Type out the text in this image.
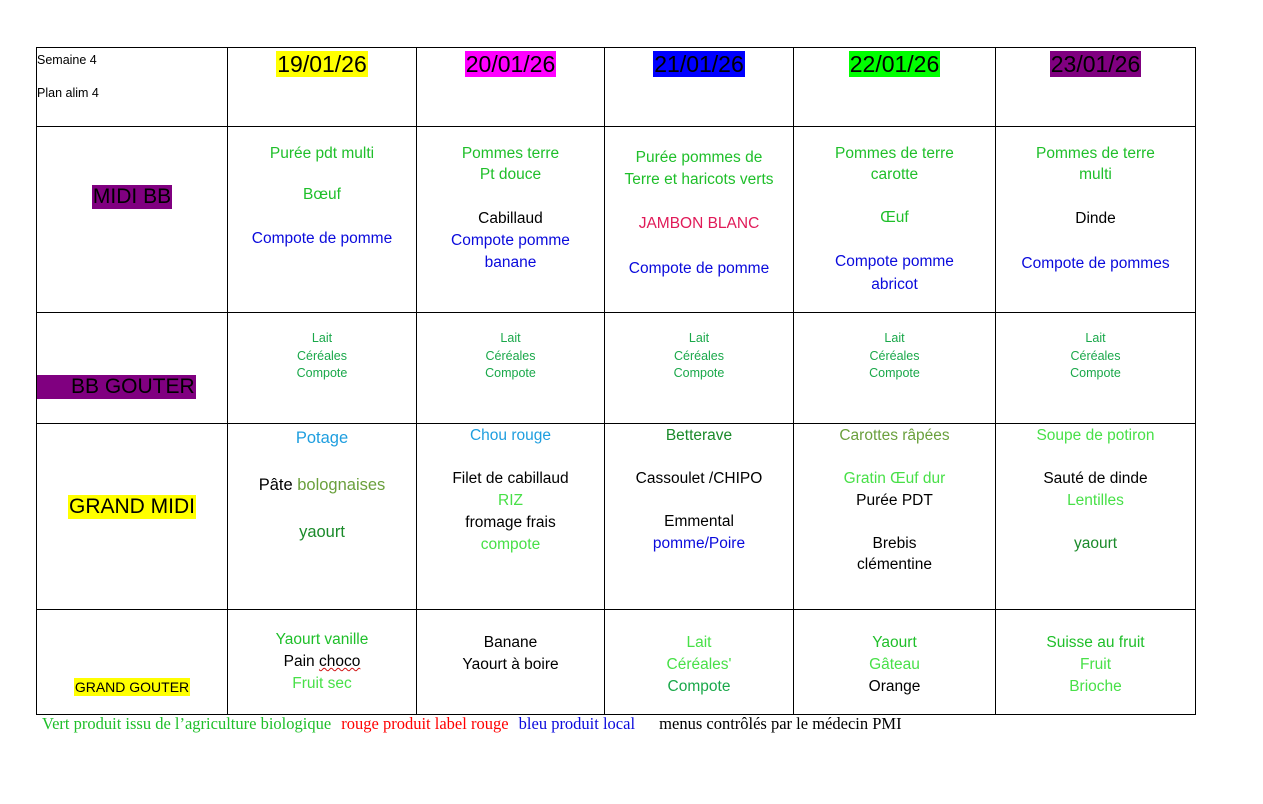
Semaine 4
Plan alim 4	19/01/26	20/01/26	21/01/26	22/01/26	23/01/26
MIDI BB	Purée pdt multi
Bœuf
Compote de pomme	Pommes terre
Pt douce
Cabillaud
Compote pomme
banane	Purée pommes de
Terre et haricots verts
JAMBON BLANC
Compote de pomme	Pommes de terre
carotte
Œuf
Compote pomme
abricot	Pommes de terre
multi
Dinde
Compote de pommes

BB GOUTER	Lait
Céréales
Compote	Lait
Céréales
Compote	Lait
Céréales
Compote	Lait
Céréales
Compote	Lait
Céréales
Compote

GRAND MIDI	Potage
Pâte bolognaises
yaourt	Chou rouge
Filet de cabillaud
RIZ
fromage frais
compote	Betterave
Cassoulet /CHIPO
Emmental
pomme/Poire	Carottes râpées
Gratin Œuf dur
Purée PDT
Brebis
clémentine	Soupe de potiron
Sauté de dinde
Lentilles
yaourt

GRAND GOUTER	Yaourt vanille
Pain choco
Fruit sec	Banane
Yaourt à boire	Lait
Céréales'
Compote	Yaourt
Gâteau
Orange	Suisse au fruit
Fruit
Brioche
Vert produit issu de l’agriculture biologique rouge produit label rouge bleu produit local menus contrôlés par le médecin PMI
